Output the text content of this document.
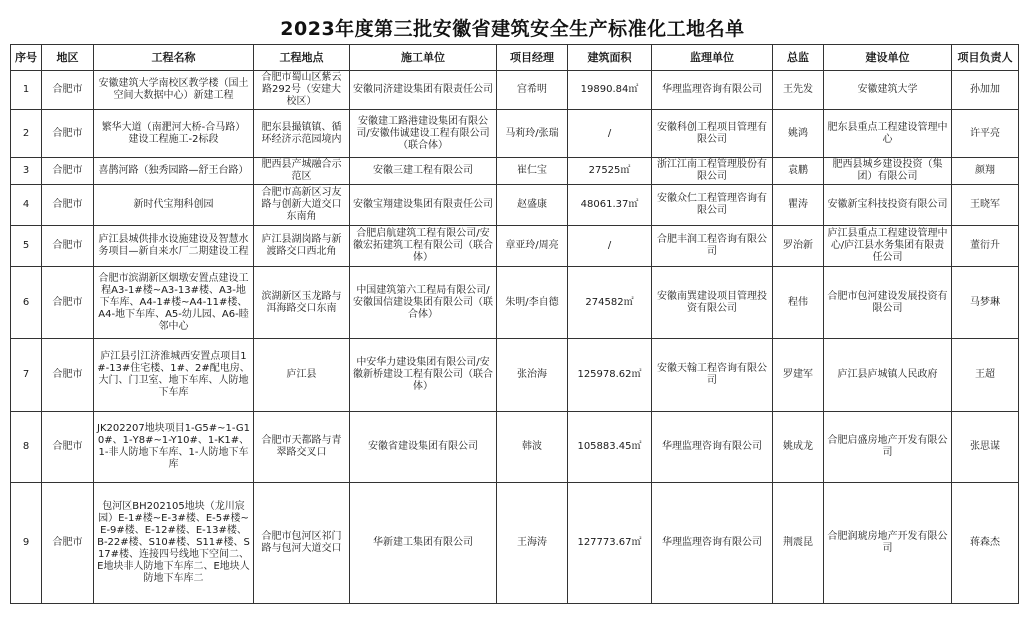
2023年度第三批安徽省建筑安全生产标准化工地名单
序号	地区	工程名称	工程地点	施工单位	项目经理	建筑面积	监理单位	总监	建设单位	项目负责人
1	合肥市	安徽建筑大学南校区教学楼（国土空间大数据中心）新建工程	合肥市蜀山区紫云路292号（安建大校区）	安徽同济建设集团有限责任公司	宫希明	19890.84㎡	华理监理咨询有限公司	王先发	安徽建筑大学	孙加加
2	合肥市	繁华大道（南淝河大桥-合马路）建设工程施工-2标段	肥东县撮镇镇、循环经济示范园境内	安徽建工路港建设集团有限公司/安徽伟诚建设工程有限公司（联合体）	马莉玲/张瑞	/	安徽科创工程项目管理有限公司	姚鸿	肥东县重点工程建设管理中心	许平亮
3	合肥市	喜鹊河路（独秀园路—舒王台路）	肥西县产城融合示范区	安徽三建工程有限公司	崔仁宝	27525㎡	浙江江南工程管理股份有限公司	袁鹏	肥西县城乡建设投资（集团）有限公司	颜翔
4	合肥市	新时代宝翔科创园	合肥市高新区习友路与创新大道交口东南角	安徽宝翔建设集团有限责任公司	赵盛康	48061.37㎡	安徽众仁工程管理咨询有限公司	瞿涛	安徽新宝科技投资有限公司	王晓军
5	合肥市	庐江县城供排水设施建设及智慧水务项目—新自来水厂二期建设工程	庐江县湖岗路与新渡路交口西北角	合肥启航建筑工程有限公司/安徽宏拓建筑工程有限公司（联合体）	章亚玲/周亮	/	合肥丰润工程咨询有限公司	罗治新	庐江县重点工程建设管理中心/庐江县水务集团有限责任公司	董衍升
6	合肥市	合肥市滨湖新区烟墩安置点建设工程A3-1#楼~A3-13#楼、A3-地下车库、A4-1#楼~A4-11#楼、A4-地下车库、A5-幼儿园、A6-睦邻中心	滨湖新区玉龙路与洱海路交口东南	中国建筑第六工程局有限公司/安徽国信建设集团有限公司（联合体）	朱明/李自德	274582㎡	安徽南巽建设项目管理投资有限公司	程伟	合肥市包河建设发展投资有限公司	马梦琳
7	合肥市	庐江县引江济淮城西安置点项目1#-13#住宅楼、1#、2#配电房、大门、门卫室、地下车库、人防地下车库	庐江县	中安华力建设集团有限公司/安徽新桥建设工程有限公司（联合体）	张治海	125978.62㎡	安徽天翰工程咨询有限公司	罗建军	庐江县庐城镇人民政府	王超
8	合肥市	JK202207地块项目1-G5#~1-G10#、1-Y8#~1-Y10#、1-K1#、1-非人防地下车库、1-人防地下车库	合肥市天都路与青翠路交叉口	安徽省建设集团有限公司	韩波	105883.45㎡	华理监理咨询有限公司	姚成龙	合肥启盛房地产开发有限公司	张思谋
9	合肥市	包河区BH202105地块（龙川宸园）E-1#楼~E-3#楼、E-5#楼~E-9#楼、E-12#楼、E-13#楼、B-22#楼、S10#楼、S11#楼、S17#楼、连接四号线地下空间二、E地块非人防地下车库二、E地块人防地下车库二	合肥市包河区祁门路与包河大道交口	华新建工集团有限公司	王海涛	127773.67㎡	华理监理咨询有限公司	荆震昆	合肥润琥房地产开发有限公司	蒋森杰
